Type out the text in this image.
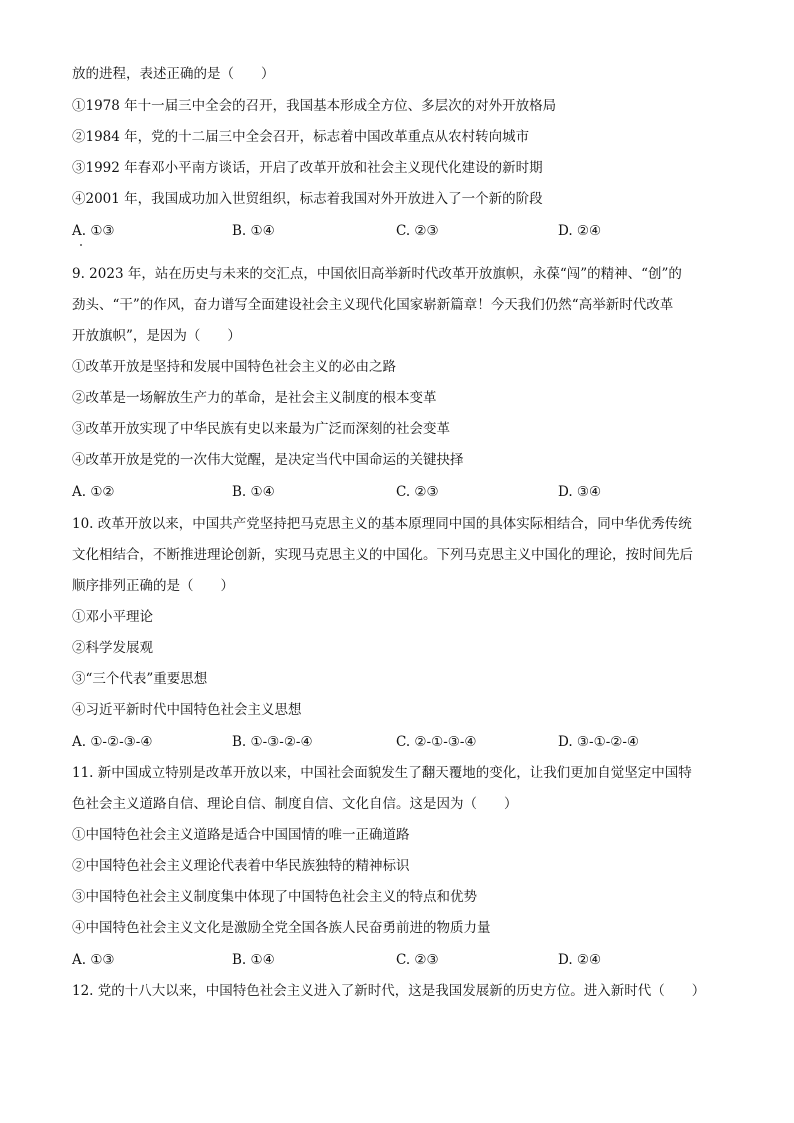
放的进程，表述正确的是（　　）
①1978 年十一届三中全会的召开，我国基本形成全方位、多层次的对外开放格局
②1984 年，党的十二届三中全会召开，标志着中国改革重点从农村转向城市
③1992 年春邓小平南方谈话，开启了改革开放和社会主义现代化建设的新时期
④2001 年，我国成功加入世贸组织，标志着我国对外开放进入了一个新的阶段
A. ①③	B. ①④	C. ②③	D. ②④
9. 2023 年，站在历史与未来的交汇点，中国依旧高举新时代改革开放旗帜，永葆“闯”的精神、“创”的
劲头、“干”的作风，奋力谱写全面建设社会主义现代化国家崭新篇章！今天我们仍然“高举新时代改革
开放旗帜”，是因为（　　）
①改革开放是坚持和发展中国特色社会主义的必由之路
②改革是一场解放生产力的革命，是社会主义制度的根本变革
③改革开放实现了中华民族有史以来最为广泛而深刻的社会变革
④改革开放是党的一次伟大觉醒，是决定当代中国命运的关键抉择
A. ①②	B. ①④	C. ②③	D. ③④
10. 改革开放以来，中国共产党坚持把马克思主义的基本原理同中国的具体实际相结合，同中华优秀传统
文化相结合，不断推进理论创新，实现马克思主义的中国化。下列马克思主义中国化的理论，按时间先后
顺序排列正确的是（　　）
①邓小平理论
②科学发展观
③“三个代表”重要思想
④习近平新时代中国特色社会主义思想
A. ①-②-③-④	B. ①-③-②-④	C. ②-①-③-④	D. ③-①-②-④
11. 新中国成立特别是改革开放以来，中国社会面貌发生了翻天覆地的变化，让我们更加自觉坚定中国特
色社会主义道路自信、理论自信、制度自信、文化自信。这是因为（　　）
①中国特色社会主义道路是适合中国国情的唯一正确道路
②中国特色社会主义理论代表着中华民族独特的精神标识
③中国特色社会主义制度集中体现了中国特色社会主义的特点和优势
④中国特色社会主义文化是激励全党全国各族人民奋勇前进的物质力量
A. ①③	B. ①④	C. ②③	D. ②④
12. 党的十八大以来，中国特色社会主义进入了新时代，这是我国发展新的历史方位。进入新时代（　　）
